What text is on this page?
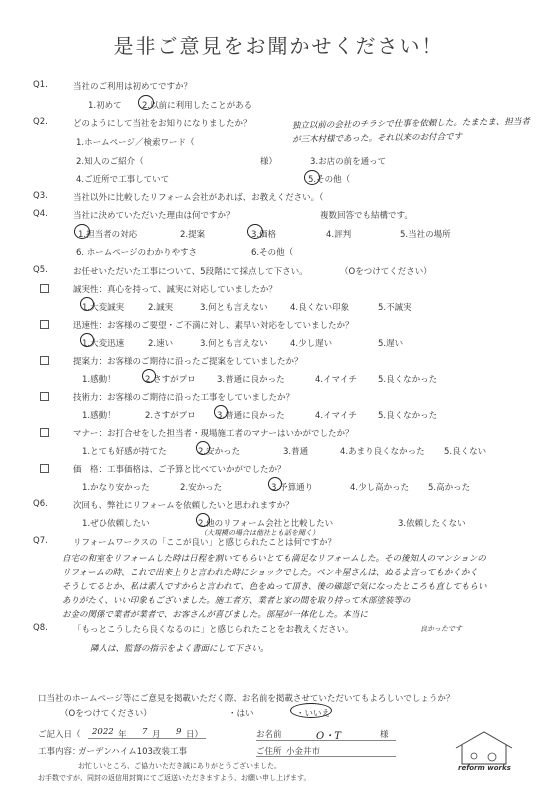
是非ご意見をお聞かせください！
Q1.	当社のご利用は初めてですか？
1.初めて 2.以前に利用したことがある
Q2.	どのようにして当社をお知りになりましたか？
1.ホームページ／検索ワード（
2.知人のご紹介（	様）	3.お店の前を通って
4.ご近所で工事していて	5.その他（
独立以前の会社のチラシで仕事を依頼した。たまたま、担当者が三木村様であった。それ以来のお付合です
Q3.	当社以外に比較したリフォーム会社があれば、お教えください。（
Q4.	当社に決めていただいた理由は何ですか？	複数回答でも結構です。
1.担当者の対応	2.提案	3.価格	4.評判	5.当社の場所
6. ホームページのわかりやすさ	6.その他（
Q5.	お任せいただいた工事について、5段階にて採点して下さい。	（Oをつけてください）
誠実性：真心を持って、誠実に対応していましたか？
1.大変誠実	2.誠実	3.何とも言えない	4.良くない印象	5.不誠実
迅速性：お客様のご要望・ご不満に対し、素早い対応をしていましたか？
1.大変迅速	2.速い	3.何とも言えない	4.少し遅い	5.遅い
提案力：お客様のご期待に沿ったご提案をしていましたか？
1.感動！	2.さすがプロ	3.普通に良かった	4.イマイチ 5.良くなかった
技術力：お客様のご期待に沿った工事をしていましたか？
1.感動！	2.さすがプロ	3.普通に良かった	4.イマイチ 5.良くなかった
マナー：お打合せをした担当者・現場施工者のマナーはいかがでしたか？
1.とても好感が持てた	2.安かった	3.普通	4.あまり良くなかった 5.良くない
価　格：工事価格は、ご予算と比べていかがでしたか？
1.かなり安かった	2.安かった	3.予算通り	4.少し高かった 5.高かった
Q6.	次回も、弊社にリフォームを依頼したいと思われますか？
1.ぜひ依頼したい	2.他のリフォーム会社と比較したい	3.依頼したくない
（大規模の場合は他社とも話を聞く）
Q7.	リフォームワークスの「ここが良い」と感じられたことは何ですか？
自宅の和室をリフォームした時は日程を割いてもらいとても満足なリフォームした。その後知人のマンションの
リフォームの時、これで出来上りと言われた時にショックでした。ペンキ屋さんは、ぬるよ言ってもかくかく
そうしてるとか、私は素人ですからと言われて、色をぬって頂き、後の確認で気になったところも直してもらい
ありがたく、いい印象もございました。施工者方、業者と家の間を取り持って木部塗装等の
お金の関係で業者が業者で、お客さんが喜びました。部屋が一体化した。本当に
Q8.	「もっとこうしたら良くなるのに」と感じられたことをお教えください。	良かったです
隣人は、監督の指示をよく書面にして下さい。
口当社のホームページ等にご意見を掲載いただく際、お名前を掲載させていただいてもよろしいでしょうか？
（Oをつけてください）	・はい	・いいえ
ご記入日（ 2022 年 7 月 9 日）	お名前	O・T	様
工事内容：
ガーデンハイム103改装工事	ご住所 小金井市
お忙しいところ、ご協力いただき誠にありがとうございました。
お手数ですが、同封の返信用封筒にてご返送いただきますよう、お願い申し上げます。
reform works
